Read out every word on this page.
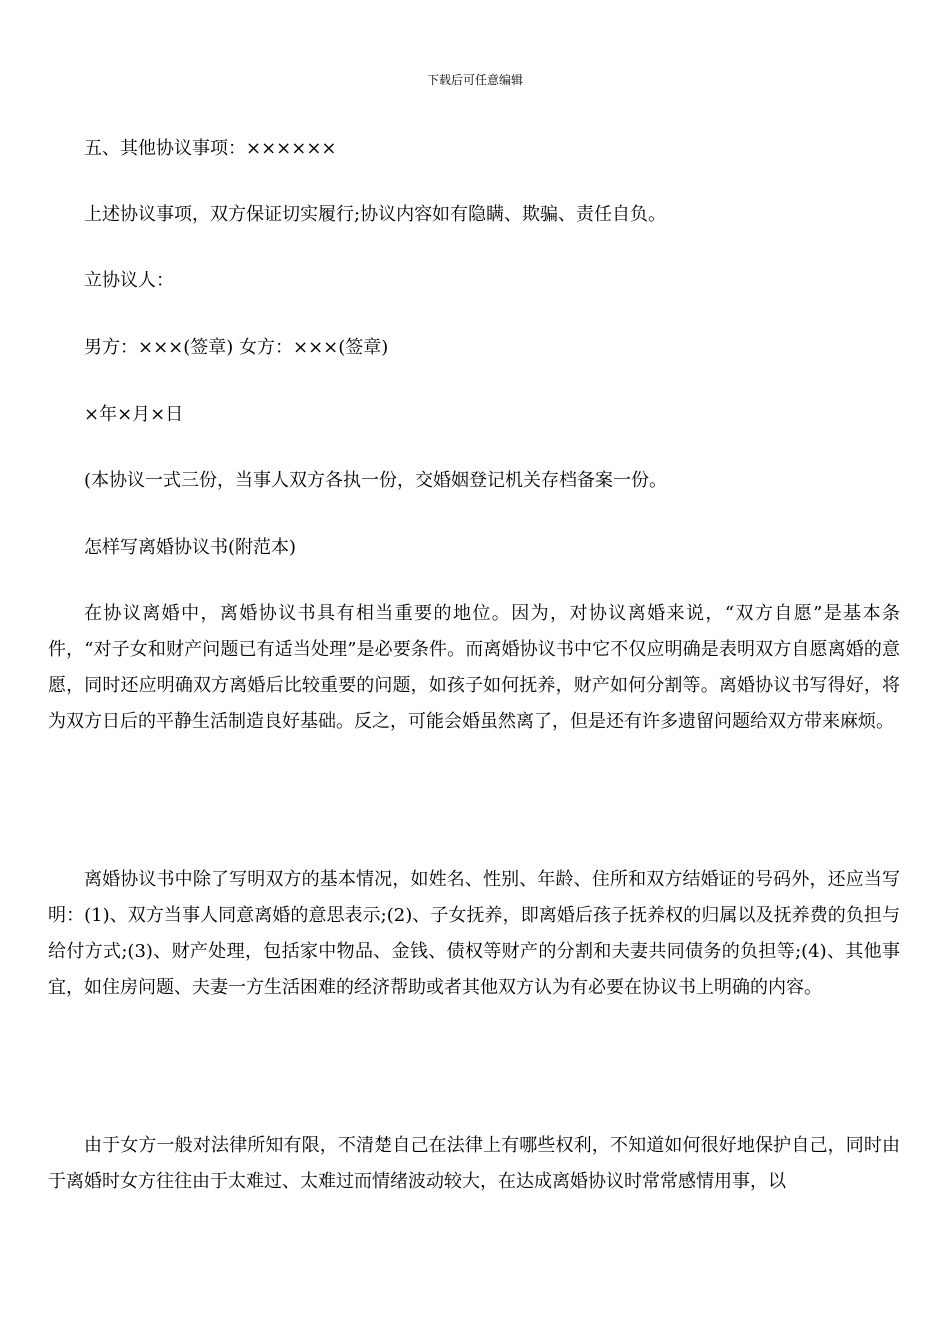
下载后可任意编辑
五、其他协议事项：××××××
上述协议事项，双方保证切实履行;协议内容如有隐瞒、欺骗、责任自负。
立协议人：
男方：×××(签章) 女方：×××(签章)
×年×月×日
(本协议一式三份，当事人双方各执一份，交婚姻登记机关存档备案一份。
怎样写离婚协议书(附范本)

在协议离婚中，离婚协议书具有相当重要的地位。因为，对协议离婚来说，“双方自愿”是基本条件，“对子女和财产问题已有适当处理”是必要条件。而离婚协议书中它不仅应明确是表明双方自愿离婚的意愿，同时还应明确双方离婚后比较重要的问题，如孩子如何抚养，财产如何分割等。离婚协议书写得好，将为双方日后的平静生活制造良好基础。反之，可能会婚虽然离了，但是还有许多遗留问题给双方带来麻烦。

离婚协议书中除了写明双方的基本情况，如姓名、性别、年龄、住所和双方结婚证的号码外，还应当写明：(1)、双方当事人同意离婚的意思表示;(2)、子女抚养，即离婚后孩子抚养权的归属以及抚养费的负担与给付方式;(3)、财产处理，包括家中物品、金钱、债权等财产的分割和夫妻共同债务的负担等;(4)、其他事宜，如住房问题、夫妻一方生活困难的经济帮助或者其他双方认为有必要在协议书上明确的内容。

由于女方一般对法律所知有限，不清楚自己在法律上有哪些权利，不知道如何很好地保护自己，同时由于离婚时女方往往由于太难过、太难过而情绪波动较大，在达成离婚协议时常常感情用事，以
